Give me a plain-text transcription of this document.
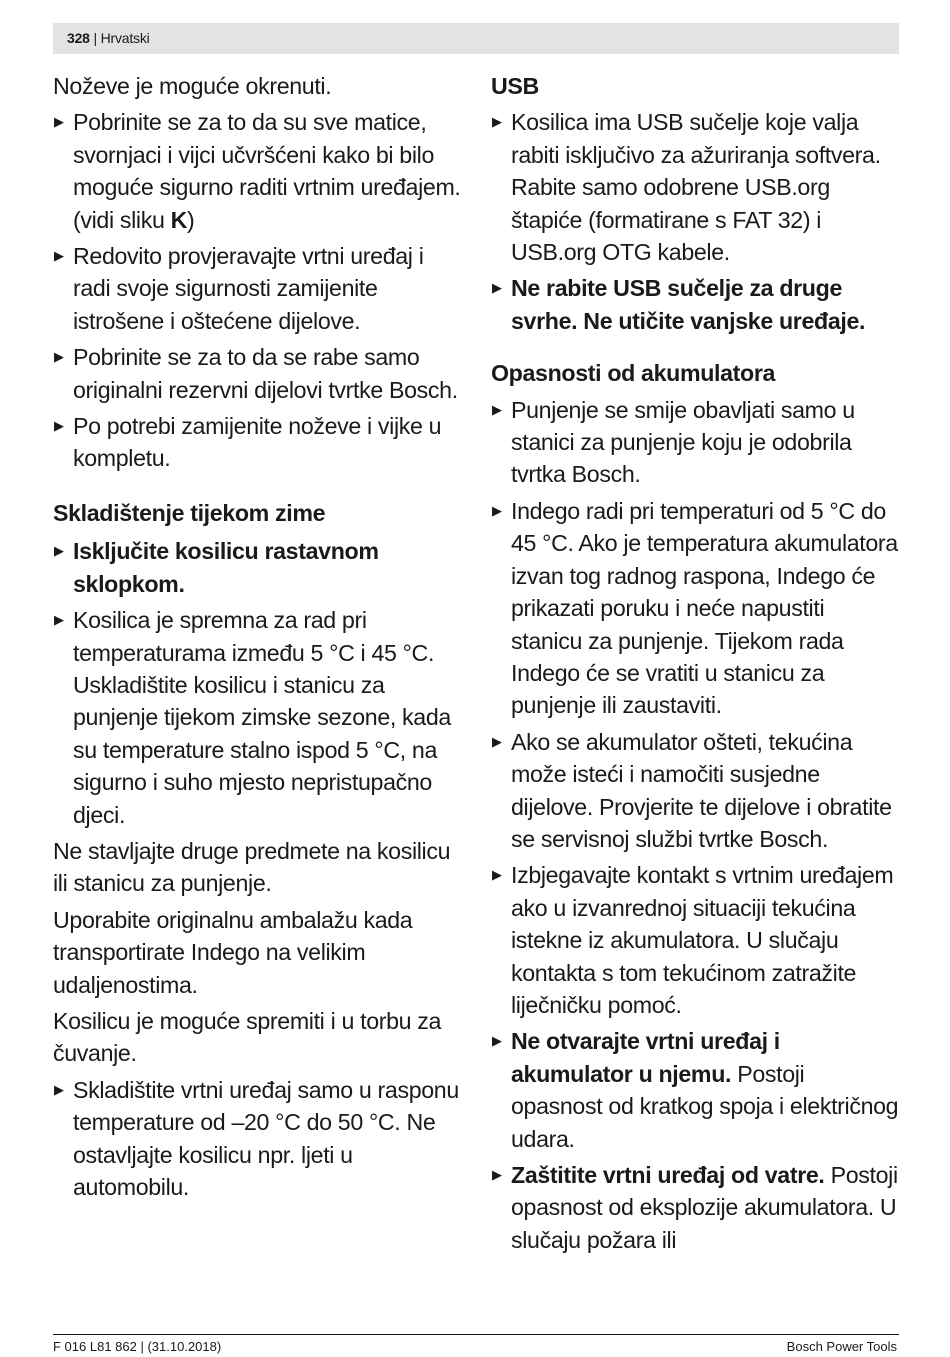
328 | Hrvatski

Noževe je moguće okrenuti.

▶ Pobrinite se za to da su sve matice, svornjaci i vijci učvršćeni kako bi bilo moguće sigurno raditi vrtnim uređajem. (vidi sliku K)

▶ Redovito provjeravajte vrtni uređaj i radi svoje sigurnosti zamijenite istrošene i oštećene dijelove.

▶ Pobrinite se za to da se rabe samo originalni rezervni dijelovi tvrtke Bosch.

▶ Po potrebi zamijenite noževe i vijke u kompletu.

Skladištenje tijekom zime

▶ Isključite kosilicu rastavnom sklopkom.

▶ Kosilica je spremna za rad pri temperaturama između 5 °C i 45 °C. Uskladištite kosilicu i stanicu za punjenje tijekom zimske sezone, kada su temperature stalno ispod 5 °C, na sigurno i suho mjesto nepristupačno djeci.

Ne stavljajte druge predmete na kosilicu ili stanicu za punjenje.

Uporabite originalnu ambalažu kada transportirate Indego na velikim udaljenostima.

Kosilicu je moguće spremiti i u torbu za čuvanje.

▶ Skladištite vrtni uređaj samo u rasponu temperature od –20 °C do 50 °C. Ne ostavljajte kosilicu npr. ljeti u automobilu.

USB

▶ Kosilica ima USB sučelje koje valja rabiti isključivo za ažuriranja softvera. Rabite samo odobrene USB.org štapiće (formatirane s FAT 32) i USB.org OTG kabele.

▶ Ne rabite USB sučelje za druge svrhe. Ne utičite vanjske uređaje.

Opasnosti od akumulatora

▶ Punjenje se smije obavljati samo u stanici za punjenje koju je odobrila tvrtka Bosch.

▶ Indego radi pri temperaturi od 5 °C do 45 °C. Ako je temperatura akumulatora izvan tog radnog raspona, Indego će prikazati poruku i neće napustiti stanicu za punjenje. Tijekom rada Indego će se vratiti u stanicu za punjenje ili zaustaviti.

▶ Ako se akumulator ošteti, tekućina može isteći i namočiti susjedne dijelove. Provjerite te dijelove i obratite se servisnoj službi tvrtke Bosch.

▶ Izbjegavajte kontakt s vrtnim uređajem ako u izvanrednoj situaciji tekućina istekne iz akumulatora. U slučaju kontakta s tom tekućinom zatražite liječničku pomoć.

▶ Ne otvarajte vrtni uređaj i akumulator u njemu. Postoji opasnost od kratkog spoja i električnog udara.

▶ Zaštitite vrtni uređaj od vatre. Postoji opasnost od eksplozije akumulatora. U slučaju požara ili

F 016 L81 862 | (31.10.2018)	Bosch Power Tools
